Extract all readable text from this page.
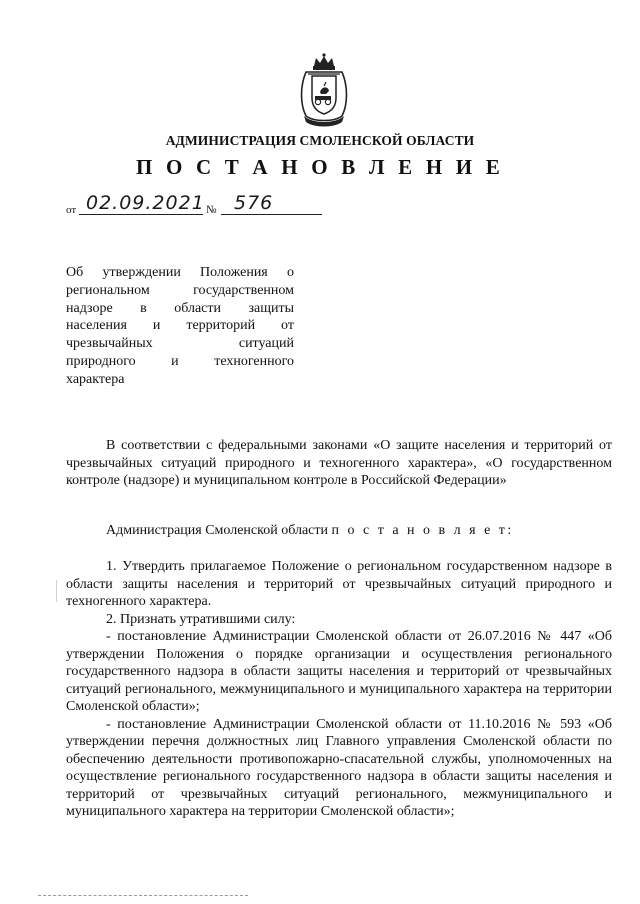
АДМИНИСТРАЦИЯ СМОЛЕНСКОЙ ОБЛАСТИ
П О С Т А Н О В Л Е Н И Е
от 02.09.2021 № 576
Об утверждении Положения о
региональном государственном
надзоре в области защиты
населения и территорий от
чрезвычайных ситуаций
природного и техногенного
характера
В соответствии с федеральными законами «О защите населения и территорий от чрезвычайных ситуаций природного и техногенного характера», «О государственном контроле (надзоре) и муниципальном контроле в Российской Федерации»
Администрация Смоленской области п о с т а н о в л я е т:
1. Утвердить прилагаемое Положение о региональном государственном надзоре в области защиты населения и территорий от чрезвычайных ситуаций природного и техногенного характера.
2. Признать утратившими силу:
- постановление Администрации Смоленской области от 26.07.2016 № 447 «Об утверждении Положения о порядке организации и осуществления регионального государственного надзора в области защиты населения и территорий от чрезвычайных ситуаций регионального, межмуниципального и муниципального характера на территории Смоленской области»;
- постановление Администрации Смоленской области от 11.10.2016 № 593 «Об утверждении перечня должностных лиц Главного управления Смоленской области по обеспечению деятельности противопожарно-спасательной службы, уполномоченных на осуществление регионального государственного надзора в области защиты населения и территорий от чрезвычайных ситуаций регионального, межмуниципального и муниципального характера на территории Смоленской области»;
